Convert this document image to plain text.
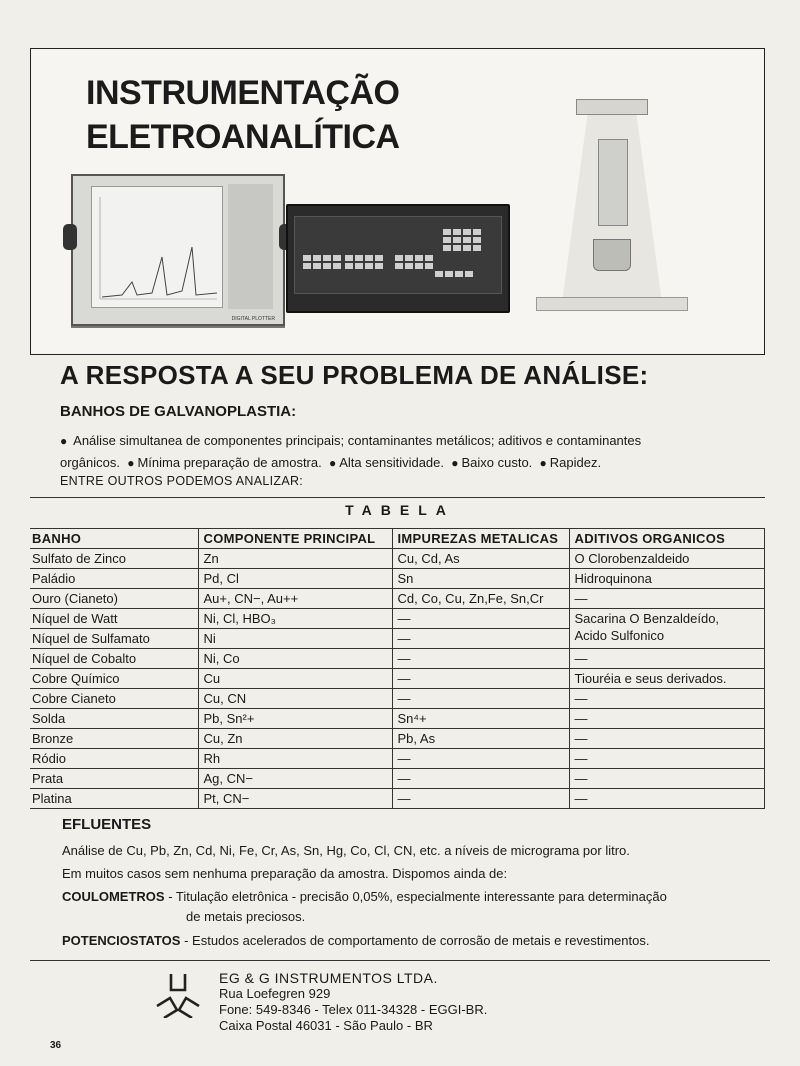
INSTRUMENTAÇÃO
ELETROANALÍTICA
DIGITAL PLOTTER
A RESPOSTA A SEU PROBLEMA DE ANÁLISE:
BANHOS DE GALVANOPLASTIA:
● Análise simultanea de componentes principais; contaminantes metálicos; aditivos e contaminantes
orgânicos. ● Mínima preparação de amostra. ● Alta sensitividade. ● Baixo custo. ● Rapidez.
ENTRE OUTROS PODEMOS ANALIZAR:
TABELA
BANHO	COMPONENTE PRINCIPAL	IMPUREZAS METALICAS	ADITIVOS ORGANICOS
Sulfato de Zinco	Zn	Cu, Cd, As	O Clorobenzaldeido
Paládio	Pd, Cl	Sn	Hidroquinona
Ouro (Cianeto)	Au+, CN−, Au++	Cd, Co, Cu, Zn,Fe, Sn,Cr	—
Níquel de Watt	Ni, Cl, HBO₃	—	Sacarina O Benzaldeído,

Níquel de Sulfamato	Ni	—	Acido Sulfonico

Níquel de Cobalto	Ni, Co	—	—
Cobre Químico	Cu	—	Tiouréia e seus derivados.
Cobre Cianeto	Cu, CN	—	—
Solda	Pb, Sn²+	Sn⁴+	—
Bronze	Cu, Zn	Pb, As	—
Ródio	Rh	—	—
Prata	Ag, CN−	—	—
Platina	Pt, CN−	—	—
EFLUENTES
Análise de Cu, Pb, Zn, Cd, Ni, Fe, Cr, As, Sn, Hg, Co, Cl, CN, etc. a níveis de micrograma por litro.
Em muitos casos sem nenhuma preparação da amostra. Dispomos ainda de:
COULOMETROS - Titulação eletrônica - precisão 0,05%, especialmente interessante para determinação
de metais preciosos.
POTENCIOSTATOS - Estudos acelerados de comportamento de corrosão de metais e revestimentos.
EG & G INSTRUMENTOS LTDA.
Rua Loefegren 929
Fone: 549-8346 - Telex 011-34328 - EGGI-BR.
Caixa Postal 46031 - São Paulo - BR
36
